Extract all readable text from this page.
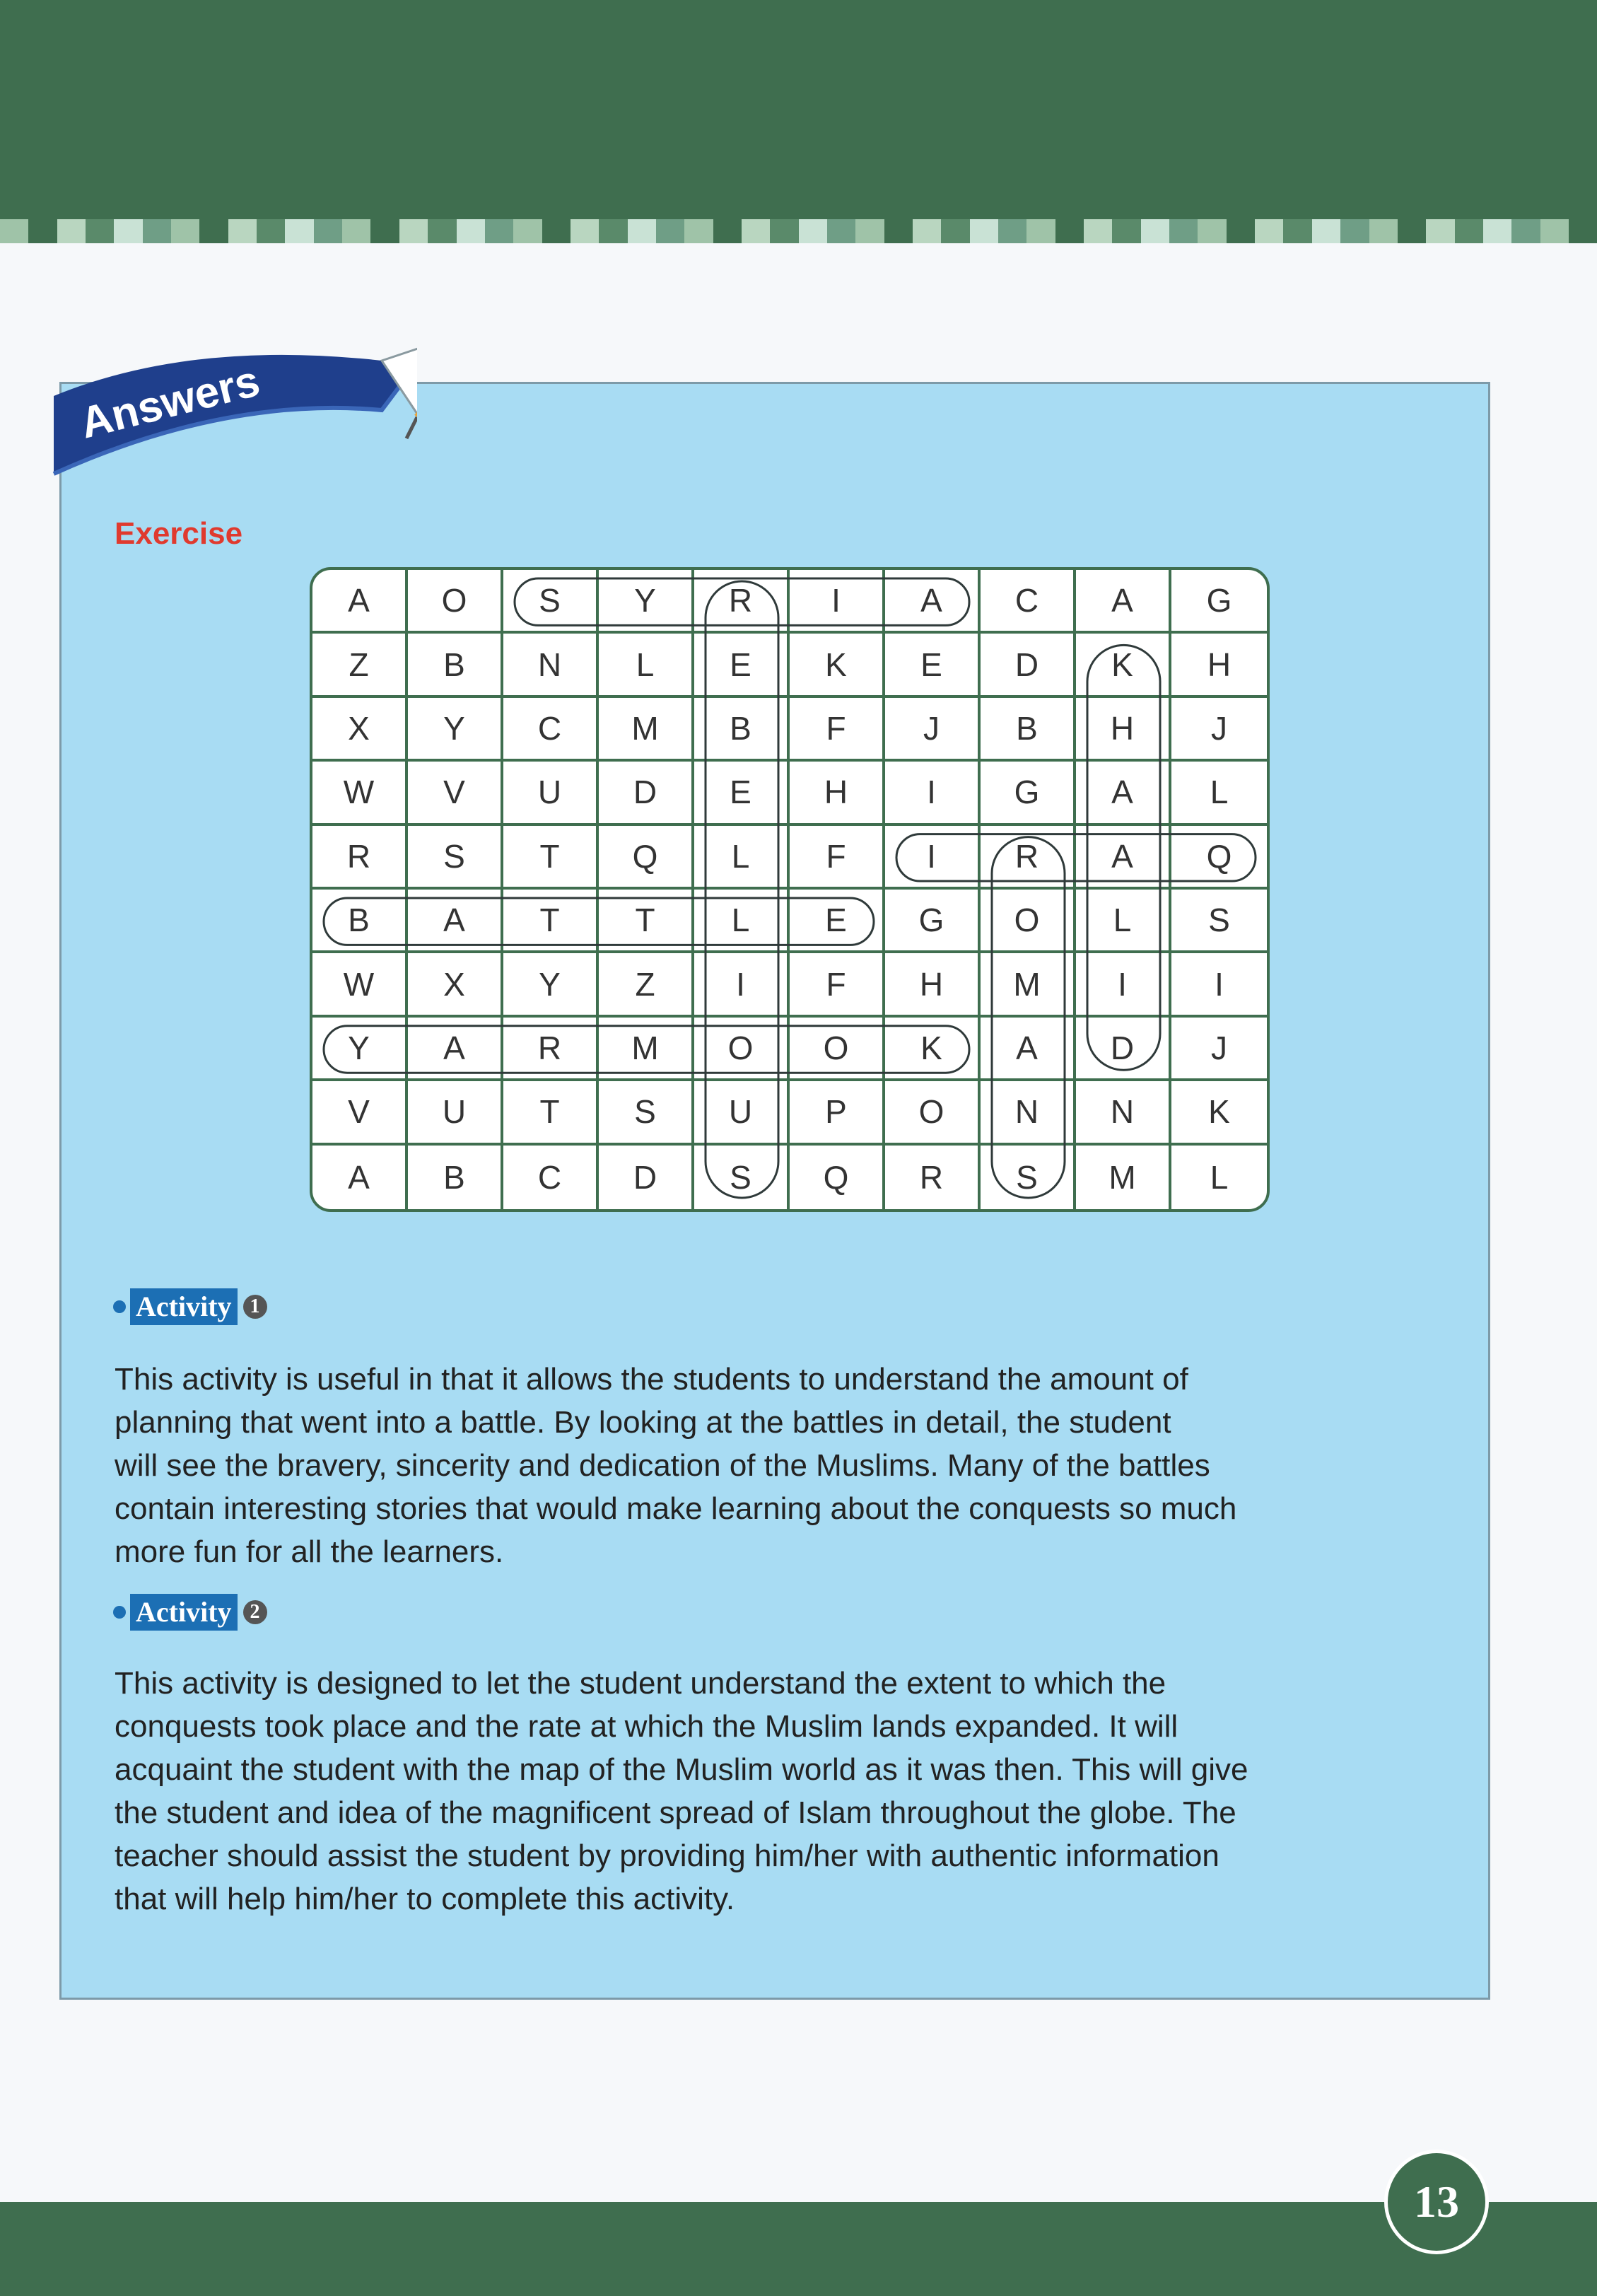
Answers
Exercise
A	O	S	Y	R	I	A	C	A	G
Z	B	N	L	E	K	E	D	K	H
X	Y	C	M	B	F	J	B	H	J
W	V	U	D	E	H	I	G	A	L
R	S	T	Q	L	F	I	R	A	Q
B	A	T	T	L	E	G	O	L	S
W	X	Y	Z	I	F	H	M	I	I
Y	A	R	M	O	O	K	A	D	J
V	U	T	S	U	P	O	N	N	K
A	B	C	D	S	Q	R	S	M	L
Activity 1
This activity is useful in that it allows the students to understand the amount of
planning that went into a battle. By looking at the battles in detail, the student
will see the bravery, sincerity and dedication of the Muslims. Many of the battles
contain interesting stories that would make learning about the conquests so much
more fun for all the learners.
Activity 2
This activity is designed to let the student understand the extent to which the
conquests took place and the rate at which the Muslim lands expanded. It will
acquaint the student with the map of the Muslim world as it was then. This will give
the student and idea of the magnificent spread of Islam throughout the globe. The
teacher should assist the student by providing him/her with authentic information
that will help him/her to complete this activity.
13
